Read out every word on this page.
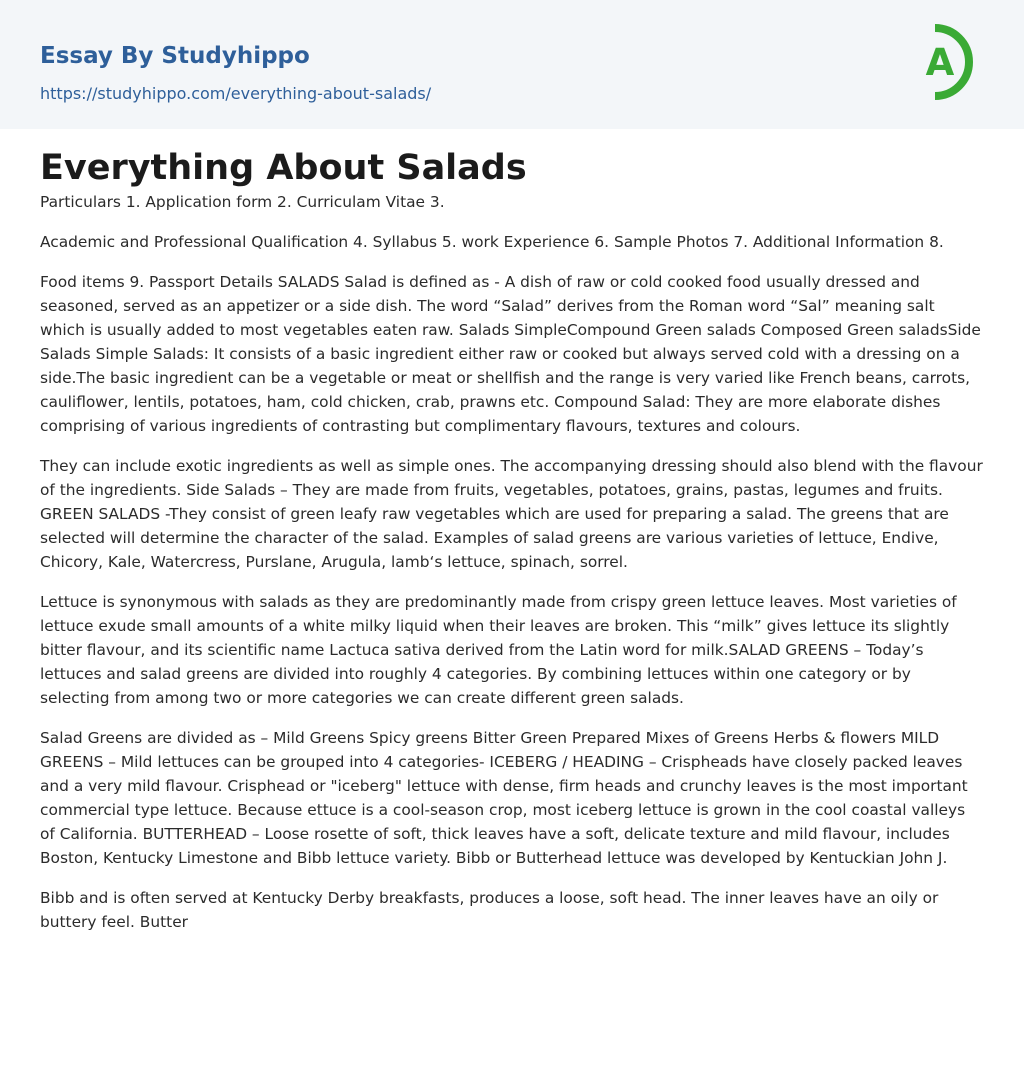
Essay By Studyhippo
https://studyhippo.com/everything-about-salads/
A
Everything About Salads

Particulars 1. Application form 2. Curriculam Vitae 3.

Academic and Professional Qualification 4. Syllabus 5. work Experience 6. Sample Photos 7. Additional Information 8.

Food items 9. Passport Details SALADS Salad is defined as - A dish of raw or cold cooked food usually dressed and seasoned, served as an appetizer or a side dish. The word “Salad” derives from the Roman word “Sal” meaning salt which is usually added to most vegetables eaten raw. Salads SimpleCompound Green salads Composed Green saladsSide Salads Simple Salads: It consists of a basic ingredient either raw or cooked but always served cold with a dressing on a side.The basic ingredient can be a vegetable or meat or shellfish and the range is very varied like French beans, carrots, cauliflower, lentils, potatoes, ham, cold chicken, crab, prawns etc. Compound Salad: They are more elaborate dishes comprising of various ingredients of contrasting but complimentary flavours, textures and colours.

They can include exotic ingredients as well as simple ones. The accompanying dressing should also blend with the flavour of the ingredients. Side Salads – They are made from fruits, vegetables, potatoes, grains, pastas, legumes and fruits. GREEN SALADS -They consist of green leafy raw vegetables which are used for preparing a salad. The greens that are selected will determine the character of the salad. Examples of salad greens are various varieties of lettuce, Endive, Chicory, Kale, Watercress, Purslane, Arugula, lamb‘s lettuce, spinach, sorrel.

Lettuce is synonymous with salads as they are predominantly made from crispy green lettuce leaves. Most varieties of lettuce exude small amounts of a white milky liquid when their leaves are broken. This “milk” gives lettuce its slightly bitter flavour, and its scientific name Lactuca sativa derived from the Latin word for milk.SALAD GREENS – Today’s lettuces and salad greens are divided into roughly 4 categories. By combining lettuces within one category or by selecting from among two or more categories we can create different green salads.

Salad Greens are divided as – Mild Greens Spicy greens Bitter Green Prepared Mixes of Greens Herbs & flowers MILD GREENS – Mild lettuces can be grouped into 4 categories- ICEBERG / HEADING – Crispheads have closely packed leaves and a very mild flavour. Crisphead or "iceberg" lettuce with dense, firm heads and crunchy leaves is the most important commercial type lettuce. Because ettuce is a cool-season crop, most iceberg lettuce is grown in the cool coastal valleys of California. BUTTERHEAD – Loose rosette of soft, thick leaves have a soft, delicate texture and mild flavour, includes Boston, Kentucky Limestone and Bibb lettuce variety. Bibb or Butterhead lettuce was developed by Kentuckian John J.

Bibb and is often served at Kentucky Derby breakfasts, produces a loose, soft head. The inner leaves have an oily or buttery feel. Butter
